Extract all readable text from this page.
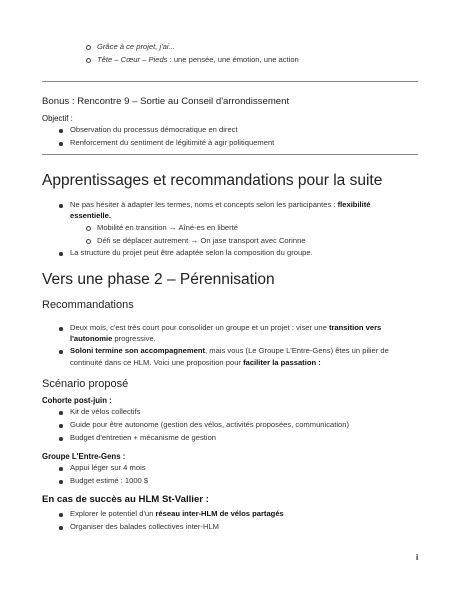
Grâce à ce projet, j'ai...
Tête – Cœur – Pieds : une pensée, une émotion, une action
Bonus : Rencontre 9 – Sortie au Conseil d'arrondissement
Objectif :
Observation du processus démocratique en direct
Renforcement du sentiment de légitimité à agir politiquement
Apprentissages et recommandations pour la suite
Ne pas hésiter à adapter les termes, noms et concepts selon les participantes : flexibilité
essentielle.
Mobilité en transition → Aîné-es en liberté
Défi se déplacer autrement → On jase transport avec Corinne
La structure du projet peut être adaptée selon la composition du groupe.
Vers une phase 2 – Pérennisation
Recommandations
Deux mois, c'est très court pour consolider un groupe et un projet : viser une transition vers
l'autonomie progressive.
Soloni termine son accompagnement, mais vous (Le Groupe L'Entre-Gens) êtes un pilier de
continuité dans ce HLM. Voici une proposition pour faciliter la passation :
Scénario proposé
Cohorte post-juin :
Kit de vélos collectifs
Guide pour être autonome (gestion des vélos, activités proposées, communication)
Budget d'entretien + mécanisme de gestion
Groupe L'Entre-Gens :
Appui léger sur 4 mois
Budget estimé : 1000 $
En cas de succès au HLM St-Vallier :
Explorer le potentiel d'un réseau inter-HLM de vélos partagés
Organiser des balades collectives inter-HLM
i
